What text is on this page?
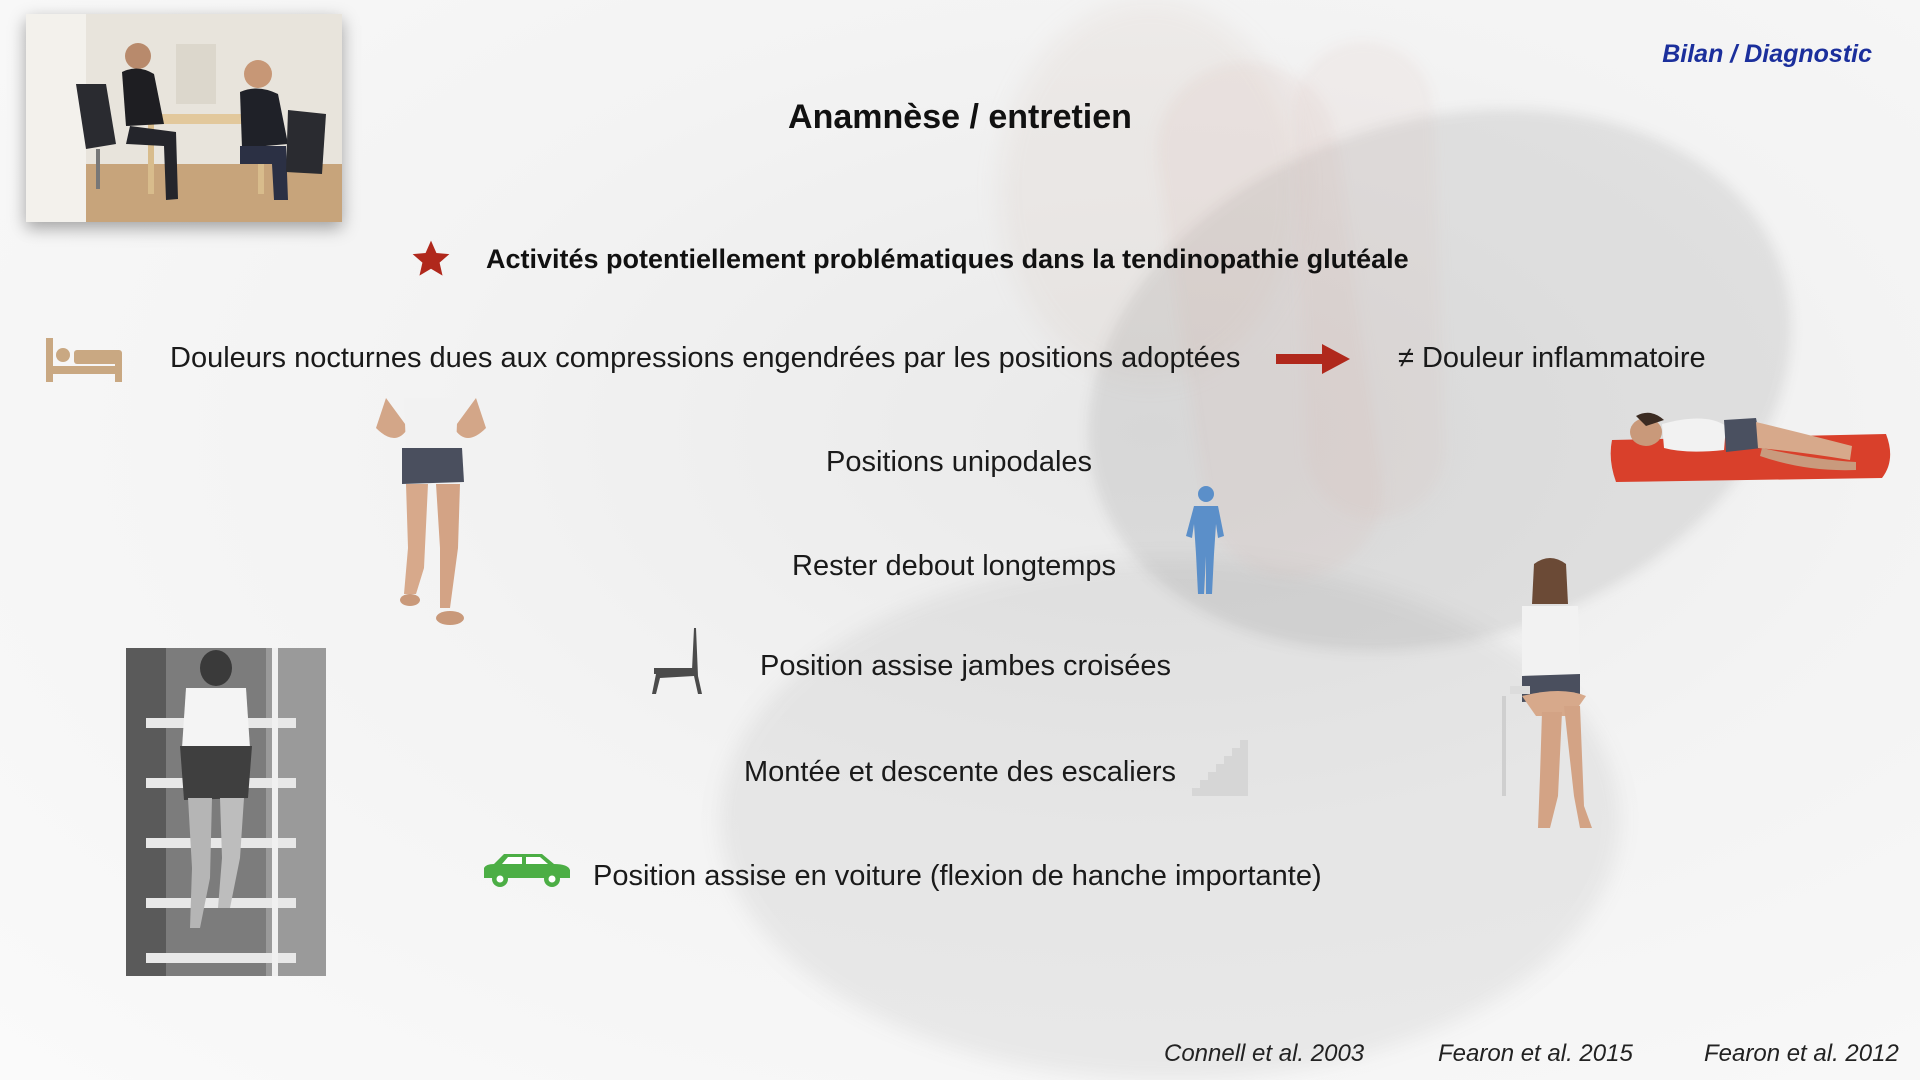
Bilan / Diagnostic
Anamnèse / entretien
Activités potentiellement problématiques dans la tendinopathie glutéale
Douleurs nocturnes dues aux compressions engendrées par les positions adoptées	≠ Douleur inflammatoire
Positions unipodales
Rester debout longtemps
Position assise jambes croisées
Montée et descente des escaliers
Position assise en voiture (flexion de hanche importante)
Connell et al. 2003	Fearon et al. 2015	Fearon et al. 2012
